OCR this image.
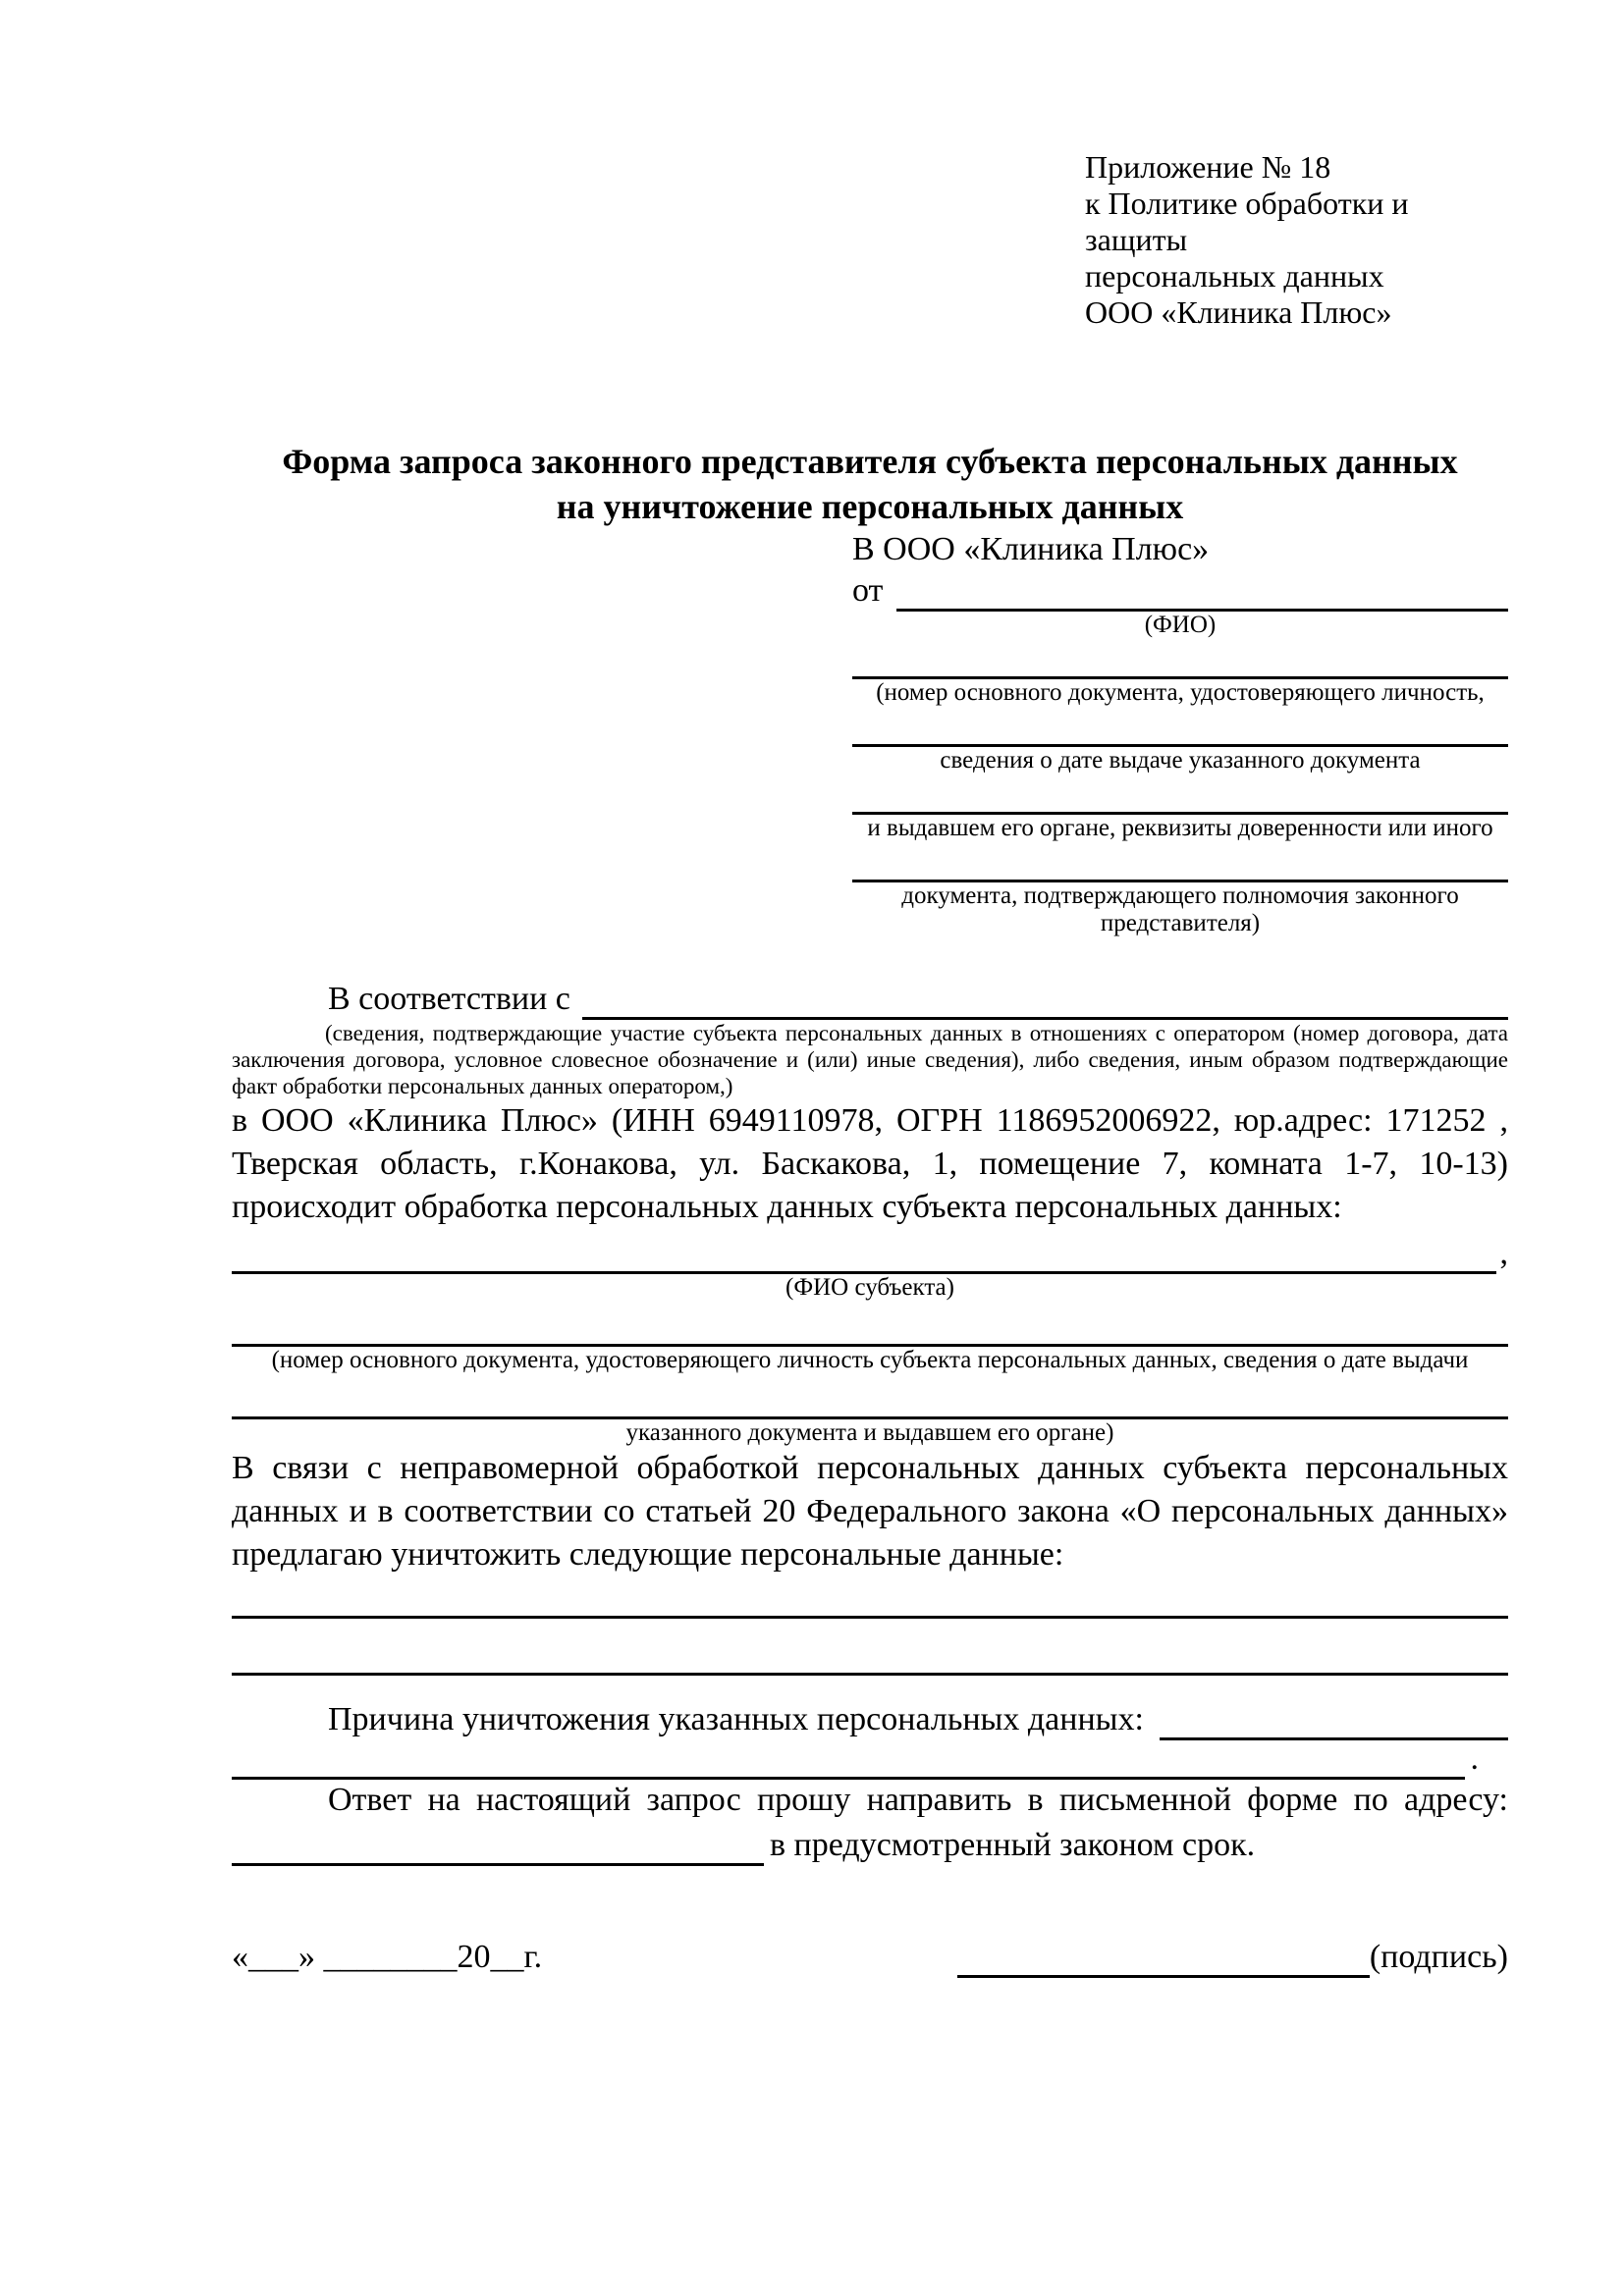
Приложение № 18
к Политике обработки и защиты
персональных данных
ООО «Клиника Плюс»
Форма запроса законного представителя субъекта персональных данных
на уничтожение персональных данных
В ООО «Клиника Плюс»
от
(ФИО)
(номер основного документа, удостоверяющего личность,
сведения о дате выдаче указанного документа
и выдавшем его органе, реквизиты доверенности или иного
документа, подтверждающего полномочия законного представителя)
В соответствии с
(сведения, подтверждающие участие субъекта персональных данных в отношениях с оператором (номер договора, дата заключения договора, условное словесное обозначение и (или) иные сведения), либо сведения, иным образом подтверждающие факт обработки персональных данных оператором,)
в ООО «Клиника Плюс» (ИНН 6949110978, ОГРН 1186952006922, юр.адрес: 171252 , Тверская область, г.Конакова, ул. Баскакова, 1, помещение 7, комната 1-7, 10-13) происходит обработка персональных данных субъекта персональных данных:
,
(ФИО субъекта)
(номер основного документа, удостоверяющего личность субъекта персональных данных, сведения о дате выдачи
указанного документа и выдавшем его органе)
В связи с неправомерной обработкой персональных данных субъекта персональных данных и в соответствии со статьей 20 Федерального закона «О персональных данных» предлагаю уничтожить следующие персональные данные:
Причина уничтожения указанных персональных данных:
.
Ответ на настоящий запрос прошу направить в письменной форме по адресу:
в предусмотренный законом срок.
«___» ________20__г.	(подпись)
